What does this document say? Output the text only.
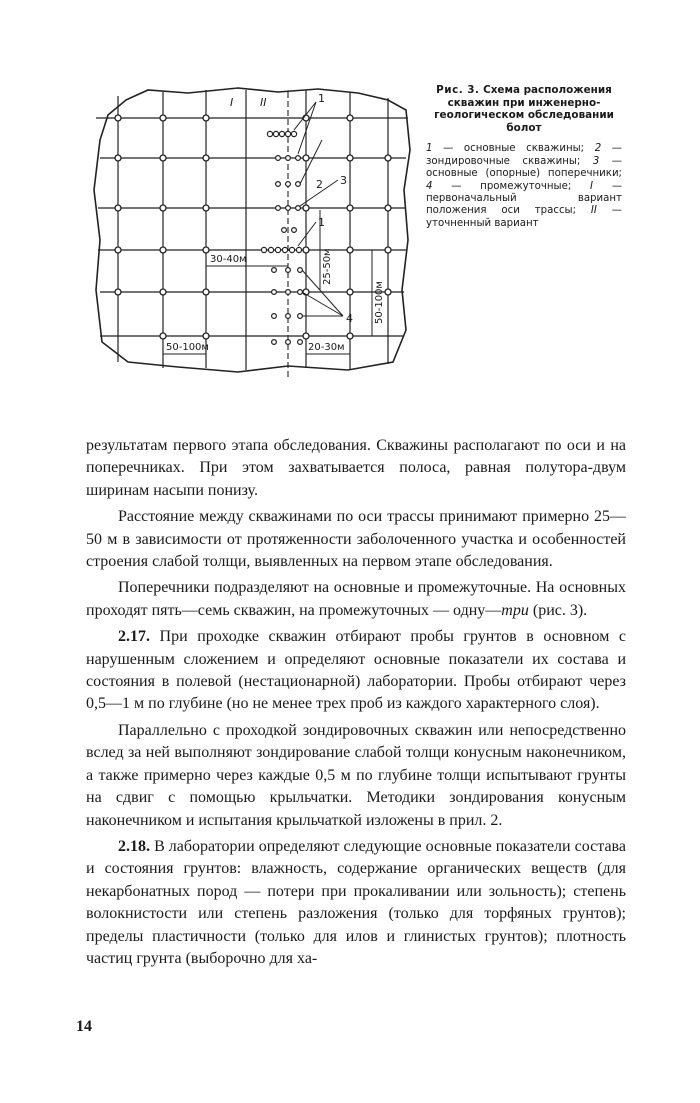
I II	1
2 3
1
4
30-40м	25-50м
50-100м
50-100м	20-30м
Рис. 3. Схема расположения скважин при инженерно-геологическом обследовании болот
1 — основные скважины; 2 — зондировочные скважины; 3 — основные (опорные) поперечники; 4 — промежуточные; I — первоначальный вариант положения оси трассы; II — уточненный вариант

результатам первого этапа обследования. Скважины располагают по оси и на поперечниках. При этом захватывается полоса, равная полутора-двум ширинам насыпи понизу.

Расстояние между скважинами по оси трассы принимают примерно 25—50 м в зависимости от протяженности заболоченного участка и особенностей строения слабой толщи, выявленных на первом этапе обследования.

Поперечники подразделяют на основные и промежуточные. На основных проходят пять—семь скважин, на промежуточных — одну—три (рис. 3).

2.17. При проходке скважин отбирают пробы грунтов в основном с нарушенным сложением и определяют основные показатели их состава и состояния в полевой (нестационарной) лаборатории. Пробы отбирают через 0,5—1 м по глубине (но не менее трех проб из каждого характерного слоя).

Параллельно с проходкой зондировочных скважин или непосредственно вслед за ней выполняют зондирование слабой толщи конусным наконечником, а также примерно через каждые 0,5 м по глубине толщи испытывают грунты на сдвиг с помощью крыльчатки. Методики зондирования конусным наконечником и испытания крыльчаткой изложены в прил. 2.

2.18. В лаборатории определяют следующие основные показатели состава и состояния грунтов: влажность, содержание органических веществ (для некарбонатных пород — потери при прокаливании или зольность); степень волокнистости или степень разложения (только для торфяных грунтов); пределы пластичности (только для илов и глинистых грунтов); плотность частиц грунта (выборочно для ха-

14
